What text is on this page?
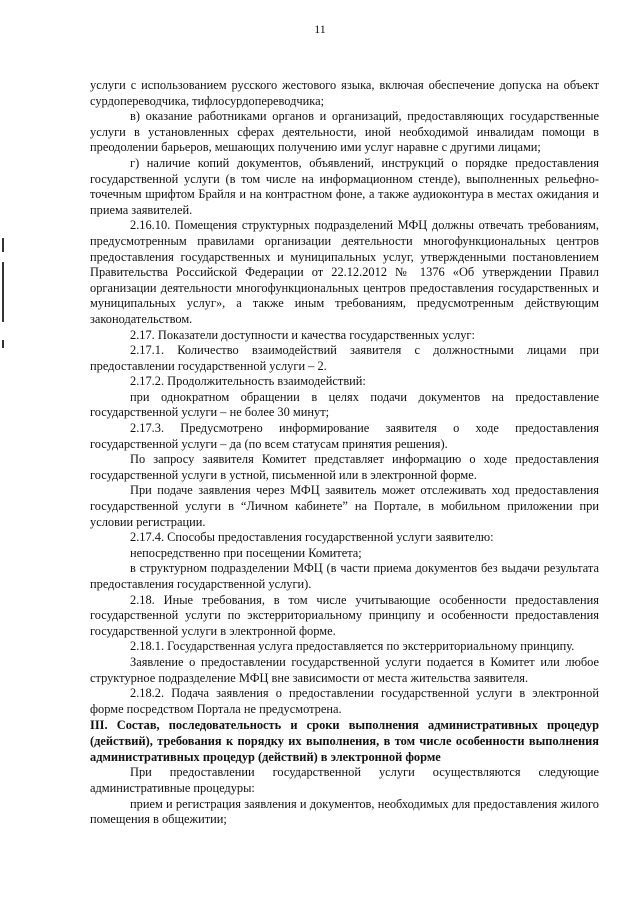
11

услуги с использованием русского жестового языка, включая обеспечение допуска на объект сурдопереводчика, тифлосурдопереводчика;

в) оказание работниками органов и организаций, предоставляющих государственные услуги в установленных сферах деятельности, иной необходимой инвалидам помощи в преодолении барьеров, мешающих получению ими услуг наравне с другими лицами;

г) наличие копий документов, объявлений, инструкций о порядке предоставления государственной услуги (в том числе на информационном стенде), выполненных рельефно-точечным шрифтом Брайля и на контрастном фоне, а также аудиоконтура в местах ожидания и приема заявителей.

2.16.10. Помещения структурных подразделений МФЦ должны отвечать требованиям, предусмотренным правилами организации деятельности многофункциональных центров предоставления государственных и муниципальных услуг, утвержденными постановлением Правительства Российской Федерации от 22.12.2012 № 1376 «Об утверждении Правил организации деятельности многофункциональных центров предоставления государственных и муниципальных услуг», а также иным требованиям, предусмотренным действующим законодательством.

2.17. Показатели доступности и качества государственных услуг:

2.17.1. Количество взаимодействий заявителя с должностными лицами при предоставлении государственной услуги – 2.

2.17.2. Продолжительность взаимодействий:

при однократном обращении в целях подачи документов на предоставление государственной услуги – не более 30 минут;

2.17.3. Предусмотрено информирование заявителя о ходе предоставления государственной услуги – да (по всем статусам принятия решения).

По запросу заявителя Комитет представляет информацию о ходе предоставления государственной услуги в устной, письменной или в электронной форме.

При подаче заявления через МФЦ заявитель может отслеживать ход предоставления государственной услуги в “Личном кабинете” на Портале, в мобильном приложении при условии регистрации.

2.17.4. Способы предоставления государственной услуги заявителю:

непосредственно при посещении Комитета;

в структурном подразделении МФЦ (в части приема документов без выдачи результата предоставления государственной услуги).

2.18. Иные требования, в том числе учитывающие особенности предоставления государственной услуги по экстерриториальному принципу и особенности предоставления государственной услуги в электронной форме.

2.18.1. Государственная услуга предоставляется по экстерриториальному принципу.

Заявление о предоставлении государственной услуги подается в Комитет или любое структурное подразделение МФЦ вне зависимости от места жительства заявителя.

2.18.2. Подача заявления о предоставлении государственной услуги в электронной форме посредством Портала не предусмотрена.

III. Состав, последовательность и сроки выполнения административных процедур (действий), требования к порядку их выполнения, в том числе особенности выполнения административных процедур (действий) в электронной форме

При предоставлении государственной услуги осуществляются следующие административные процедуры:

прием и регистрация заявления и документов, необходимых для предоставления жилого помещения в общежитии;
